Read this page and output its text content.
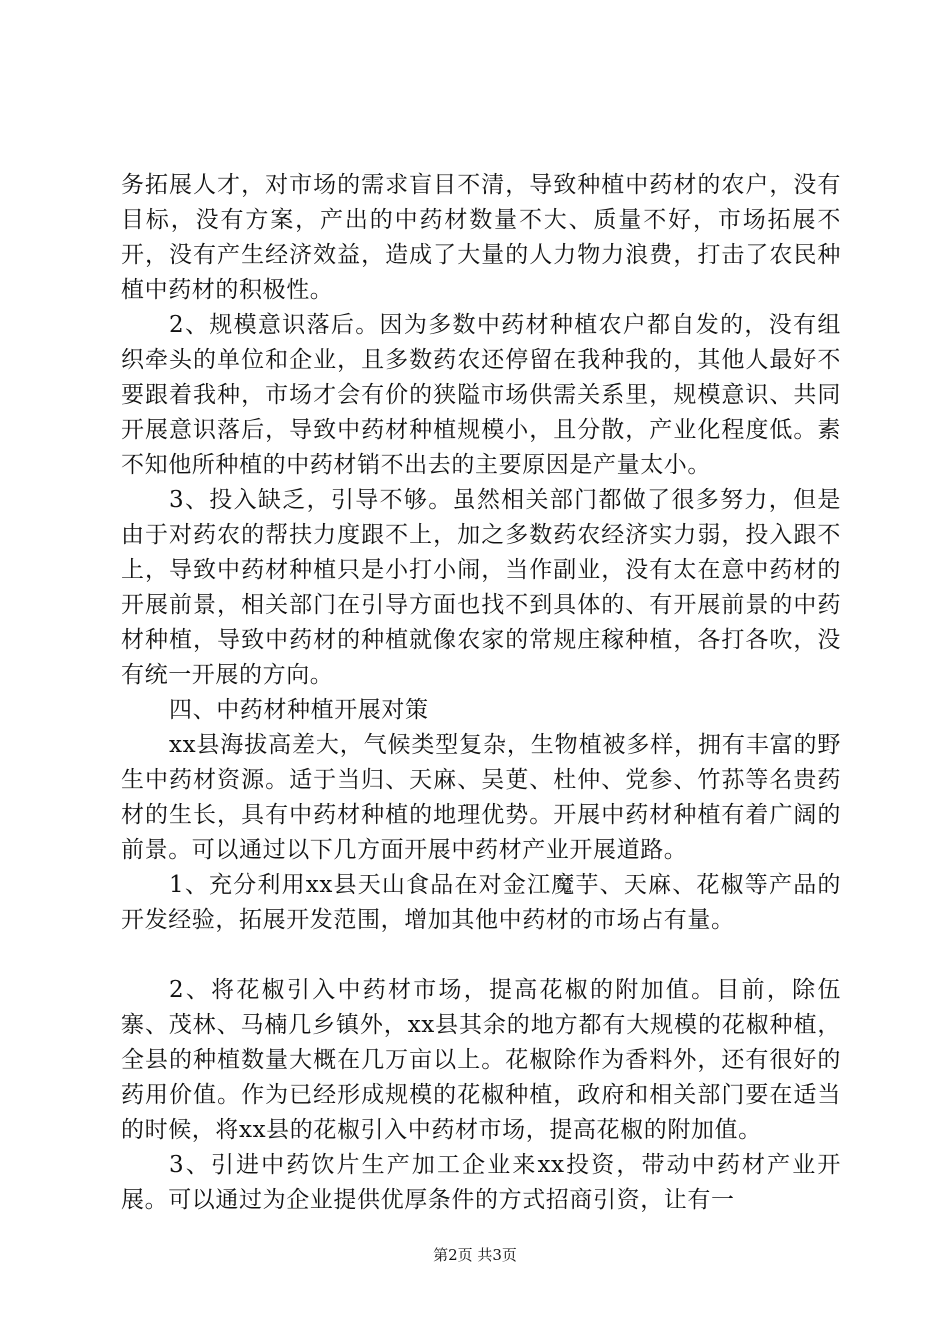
务拓展人才，对市场的需求盲目不清，导致种植中药材的农户，没有目标，没有方案，产出的中药材数量不大、质量不好，市场拓展不开，没有产生经济效益，造成了大量的人力物力浪费，打击了农民种植中药材的积极性。

2、规模意识落后。因为多数中药材种植农户都自发的，没有组织牵头的单位和企业，且多数药农还停留在我种我的，其他人最好不要跟着我种，市场才会有价的狭隘市场供需关系里，规模意识、共同开展意识落后，导致中药材种植规模小，且分散，产业化程度低。素不知他所种植的中药材销不出去的主要原因是产量太小。

3、投入缺乏，引导不够。虽然相关部门都做了很多努力，但是由于对药农的帮扶力度跟不上，加之多数药农经济实力弱，投入跟不上，导致中药材种植只是小打小闹，当作副业，没有太在意中药材的开展前景，相关部门在引导方面也找不到具体的、有开展前景的中药材种植，导致中药材的种植就像农家的常规庄稼种植，各打各吹，没有统一开展的方向。

四、中药材种植开展对策

xx县海拔高差大，气候类型复杂，生物植被多样，拥有丰富的野生中药材资源。适于当归、天麻、吴茰、杜仲、党参、竹荪等名贵药材的生长，具有中药材种植的地理优势。开展中药材种植有着广阔的前景。可以通过以下几方面开展中药材产业开展道路。

1、充分利用xx县天山食品在对金江魔芋、天麻、花椒等产品的开发经验，拓展开发范围，增加其他中药材的市场占有量。

2、将花椒引入中药材市场，提高花椒的附加值。目前，除伍寨、茂林、马楠几乡镇外，xx县其余的地方都有大规模的花椒种植，全县的种植数量大概在几万亩以上。花椒除作为香料外，还有很好的药用价值。作为已经形成规模的花椒种植，政府和相关部门要在适当的时候，将xx县的花椒引入中药材市场，提高花椒的附加值。

3、引进中药饮片生产加工企业来xx投资，带动中药材产业开展。可以通过为企业提供优厚条件的方式招商引资，让有一

第2页 共3页
